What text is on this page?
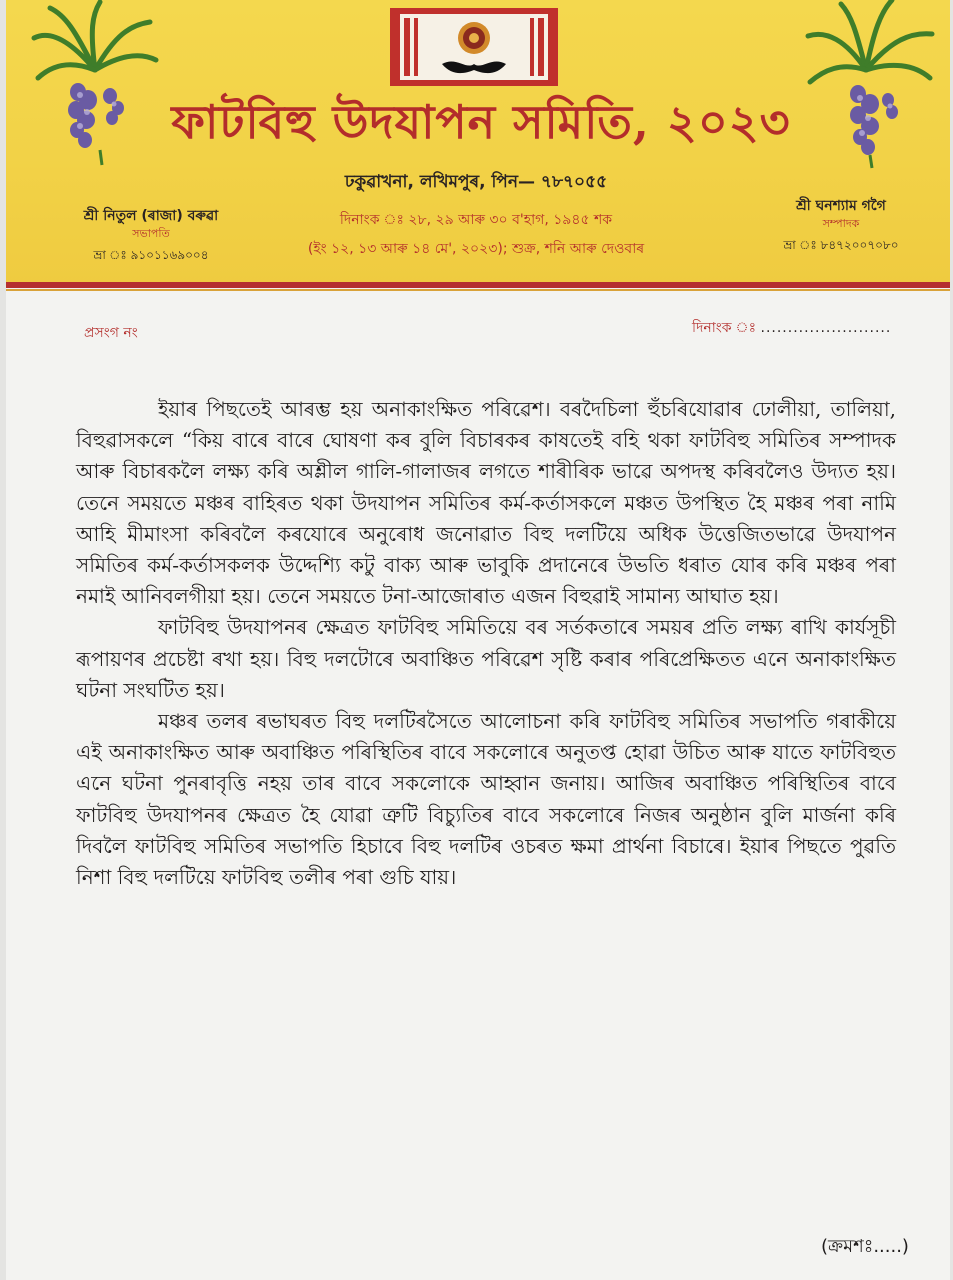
ফাটবিহু উদযাপন সমিতি, ২০২৩
ঢকুৱাখনা, লখিমপুৰ, পিন— ৭৮৭০৫৫
দিনাংক ঃ ২৮, ২৯ আৰু ৩০ ব'হাগ, ১৯৪৫ শক
(ইং ১২, ১৩ আৰু ১৪ মে', ২০২৩); শুক্ৰ, শনি আৰু দেওবাৰ
শ্ৰী নিতুল (ৰাজা) বৰুৱা
সভাপতি
ভ্ৰা ঃ ৯১০১১৬৯০০৪
শ্ৰী ঘনশ্যাম গগৈ
সম্পাদক
ভ্ৰা ঃ ৮৪৭২০০৭০৮০
প্ৰসংগ নং	দিনাংক ঃ ........................

ইয়াৰ পিছতেই আৰম্ভ হয় অনাকাংক্ষিত পৰিৱেশ। বৰদৈচিলা হুঁচৰিযোৱাৰ ঢোলীয়া, তালিয়া, বিহুৱাসকলে “কিয় বাৰে বাৰে ঘোষণা কৰ বুলি বিচাৰকৰ কাষতেই বহি থকা ফাটবিহু সমিতিৰ সম্পাদক আৰু বিচাৰকলৈ লক্ষ্য কৰি অশ্লীল গালি-গালাজৰ লগতে শাৰীৰিক ভাৱে অপদস্থ কৰিবলৈও উদ্যত হয়। তেনে সময়তে মঞ্চৰ বাহিৰত থকা উদযাপন সমিতিৰ কৰ্ম-কৰ্তাসকলে মঞ্চত উপস্থিত হৈ মঞ্চৰ পৰা নামি আহি মীমাংসা কৰিবলৈ কৰযোৰে অনুৰোধ জনোৱাত বিহু দলটিয়ে অধিক উত্তেজিতভাৱে উদযাপন সমিতিৰ কৰ্ম-কৰ্তাসকলক উদ্দেশ্যি কটু বাক্য আৰু ভাবুকি প্ৰদানেৰে উভতি ধৰাত যোৰ কৰি মঞ্চৰ পৰা নমাই আনিবলগীয়া হয়। তেনে সময়তে টনা-আজোৰাত এজন বিহুৱাই সামান্য আঘাত হয়।

ফাটবিহু উদযাপনৰ ক্ষেত্ৰত ফাটবিহু সমিতিয়ে বৰ সৰ্তকতাৰে সময়ৰ প্ৰতি লক্ষ্য ৰাখি কাৰ্যসূচী ৰূপায়ণৰ প্ৰচেষ্টা ৰখা হয়। বিহু দলটোৰে অবাঞ্চিত পৰিৱেশ সৃষ্টি কৰাৰ পৰিপ্ৰেক্ষিতত এনে অনাকাংক্ষিত ঘটনা সংঘটিত হয়।

মঞ্চৰ তলৰ ৰভাঘৰত বিহু দলটিৰসৈতে আলোচনা কৰি ফাটবিহু সমিতিৰ সভাপতি গৰাকীয়ে এই অনাকাংক্ষিত আৰু অবাঞ্চিত পৰিস্থিতিৰ বাবে সকলোৰে অনুতপ্ত হোৱা উচিত আৰু যাতে ফাটবিহুত এনে ঘটনা পুনৰাবৃত্তি নহয় তাৰ বাবে সকলোকে আহ্বান জনায়। আজিৰ অবাঞ্চিত পৰিস্থিতিৰ বাবে ফাটবিহু উদযাপনৰ ক্ষেত্ৰত হৈ যোৱা ত্ৰুটি বিচ্যুতিৰ বাবে সকলোৰে নিজৰ অনুষ্ঠান বুলি মাৰ্জনা কৰি দিবলৈ ফাটবিহু সমিতিৰ সভাপতি হিচাবে বিহু দলটিৰ ওচৰত ক্ষমা প্ৰাৰ্থনা বিচাৰে। ইয়াৰ পিছতে পুৱতি নিশা বিহু দলটিয়ে ফাটবিহু তলীৰ পৰা গুচি যায়।

(ক্ৰমশঃ.....)
